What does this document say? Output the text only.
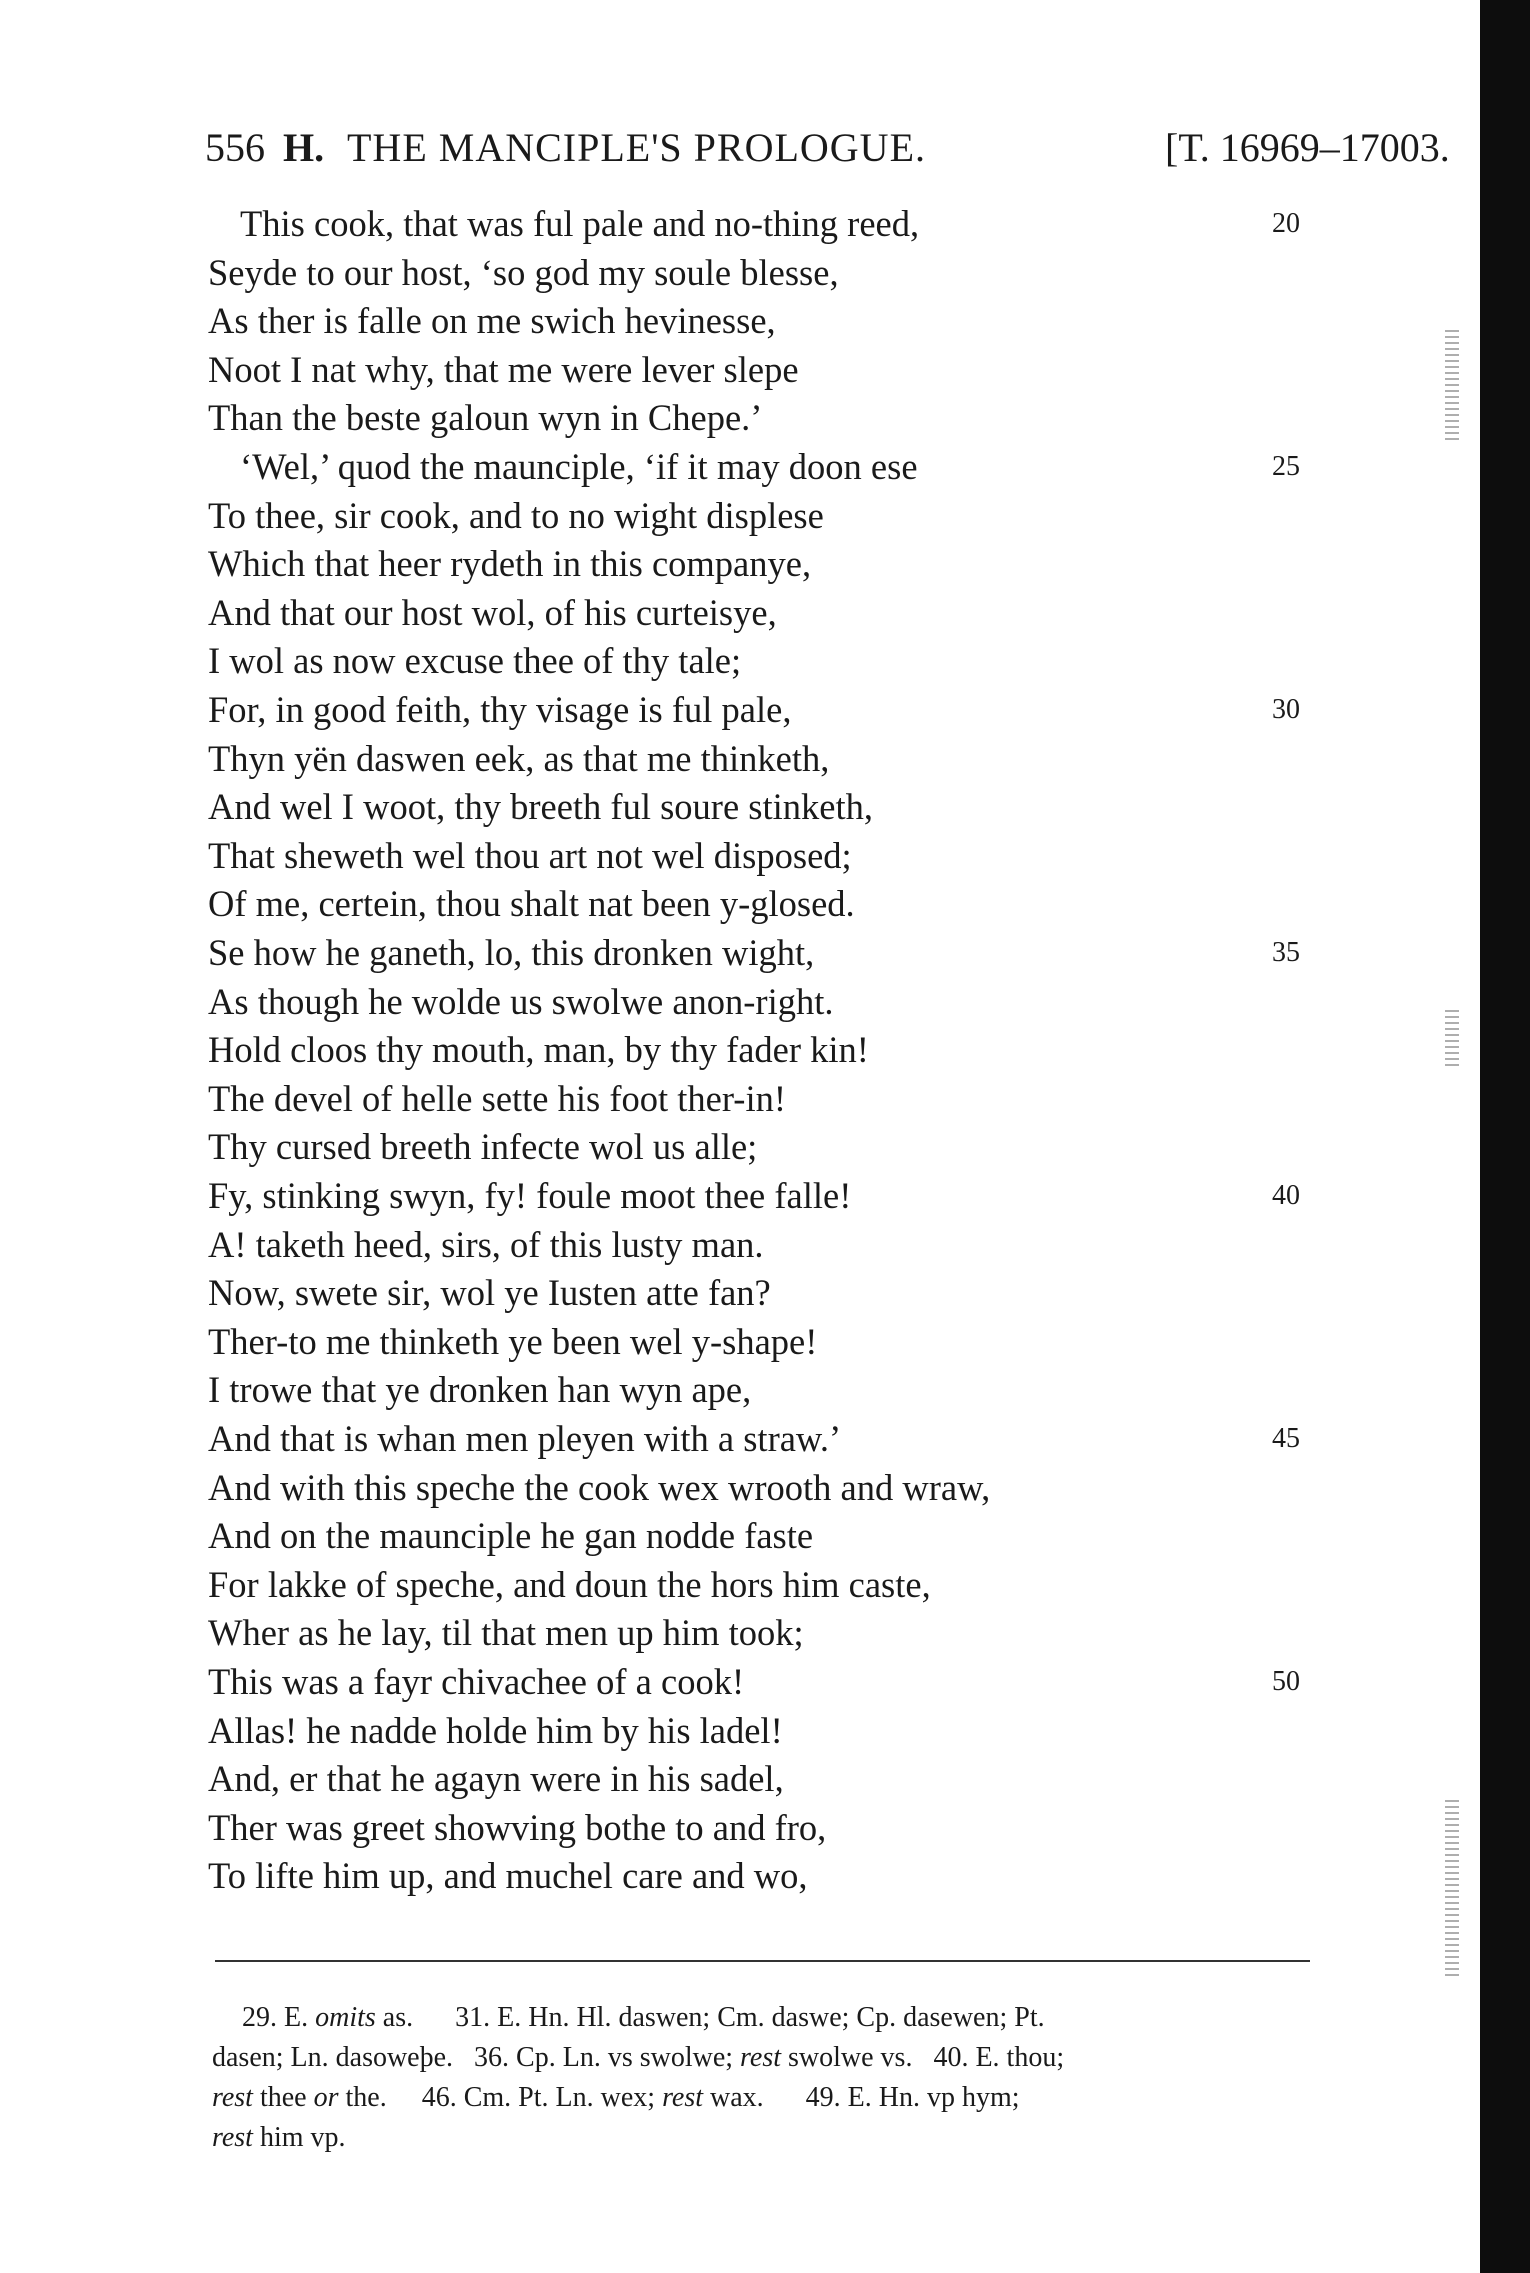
556 H. THE MANCIPLE'S PROLOGUE.	[T. 16969–17003.
This cook, that was ful pale and no-thing reed,	20
Seyde to our host, ‘so god my soule blesse,
As ther is falle on me swich hevinesse,
Noot I nat why, that me were lever slepe
Than the beste galoun wyn in Chepe.’
‘Wel,’ quod the maunciple, ‘if it may doon ese	25
To thee, sir cook, and to no wight displese
Which that heer rydeth in this companye,
And that our host wol, of his curteisye,
I wol as now excuse thee of thy tale;
For, in good feith, thy visage is ful pale,	30
Thyn yën daswen eek, as that me thinketh,
And wel I woot, thy breeth ful soure stinketh,
That sheweth wel thou art not wel disposed;
Of me, certein, thou shalt nat been y-glosed.
Se how he ganeth, lo, this dronken wight,	35
As though he wolde us swolwe anon-right.
Hold cloos thy mouth, man, by thy fader kin!
The devel of helle sette his foot ther-in!
Thy cursed breeth infecte wol us alle;
Fy, stinking swyn, fy! foule moot thee falle!	40
A! taketh heed, sirs, of this lusty man.
Now, swete sir, wol ye Iusten atte fan?
Ther-to me thinketh ye been wel y-shape!
I trowe that ye dronken han wyn ape,
And that is whan men pleyen with a straw.’	45
And with this speche the cook wex wrooth and wraw,
And on the maunciple he gan nodde faste
For lakke of speche, and doun the hors him caste,
Wher as he lay, til that men up him took;
This was a fayr chivachee of a cook!	50
Allas! he nadde holde him by his ladel!
And, er that he agayn were in his sadel,
Ther was greet showving bothe to and fro,
To lifte him up, and muchel care and wo,
29. E. omits as.      31. E. Hn. Hl. daswen; Cm. daswe; Cp. dasewen; Pt.
dasen; Ln. dasoweþe.   36. Cp. Ln. vs swolwe; rest swolwe vs.   40. E. thou;
rest thee or the.     46. Cm. Pt. Ln. wex; rest wax.      49. E. Hn. vp hym;
rest him vp.
